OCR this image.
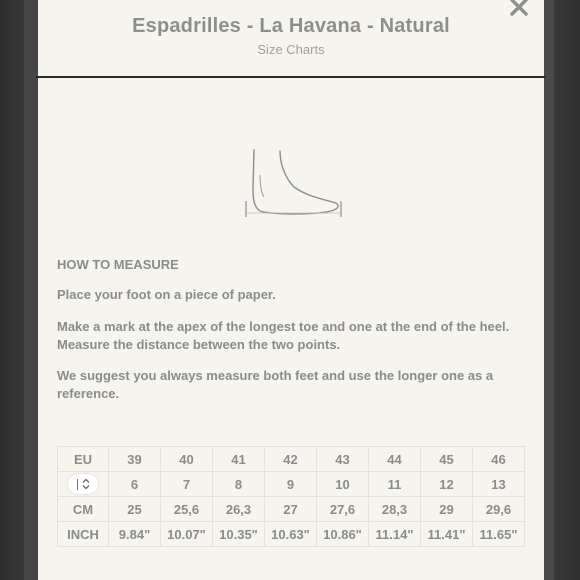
Espadrilles - La Havana - Natural
Size Charts
HOW TO MEASURE
Place your foot on a piece of paper.
Make a mark at the apex of the longest toe and one at the end of the heel. Measure the distance between the two points.
We suggest you always measure both feet and use the longer one as a reference.
EU	39	40	41	42	43	44	45	46

	6	7	8	9	10	11	12	13
CM	25	25,6	26,3	27	27,6	28,3	29	29,6
INCH	9.84"	10.07"	10.35"	10.63"	10.86"	11.14"	11.41"	11.65"
